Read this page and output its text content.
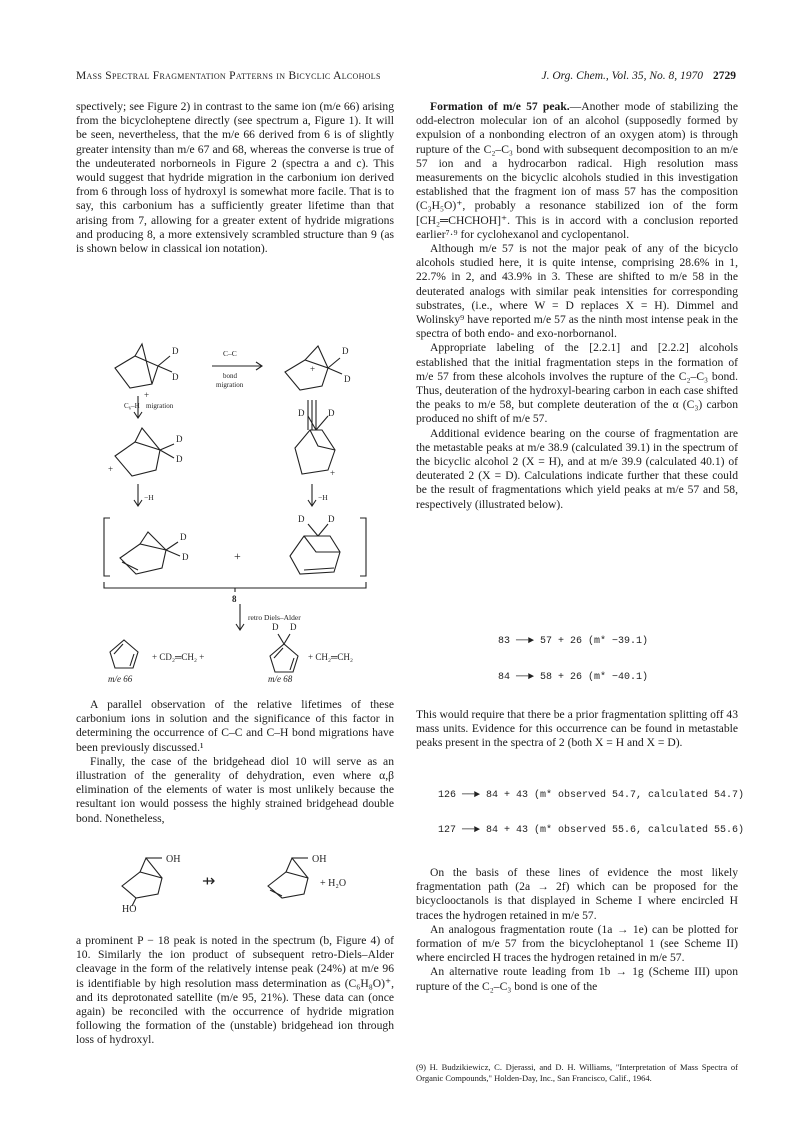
Mass Spectral Fragmentation Patterns in Bicyclic Alcohols	J. Org. Chem., Vol. 35, No. 8, 1970 2729

spectively; see Figure 2) in contrast to the same ion (m/e 66) arising from the bicycloheptene directly (see spectrum a, Figure 1). It will be seen, nevertheless, that the m/e 66 derived from 6 is of slightly greater intensity than m/e 67 and 68, whereas the converse is true of the undeuterated norborneols in Figure 2 (spectra a and c). This would suggest that hydride migration in the carbonium ion derived from 6 through loss of hydroxyl is somewhat more facile. That is to say, this carbonium has a sufficiently greater lifetime than that arising from 7, allowing for a greater extent of hydride migrations and producing 8, a more extensively scrambled structure than 9 (as is shown below in classical ion notation).

D
D
+
C–C
bond
migration
D
D
+
C₆–H migration
D
D
+
D	D
+
−H	−H
D
D	+
D	D
8
retro Diels–Alder
+ CD₂═CH₂ +	+ CH₂═CH₂
D D
m/e 66	m/e 68

A parallel observation of the relative lifetimes of these carbonium ions in solution and the significance of this factor in determining the occurrence of C–C and C–H bond migrations have been previously discussed.¹

Finally, the case of the bridgehead diol 10 will serve as an illustration of the generality of dehydration, even where α,β elimination of the elements of water is most unlikely because the resultant ion would possess the highly strained bridgehead double bond. Nonetheless,

OH
HO
⇸
OH
+ H₂O

a prominent P − 18 peak is noted in the spectrum (b, Figure 4) of 10. Similarly the ion product of subsequent retro-Diels–Alder cleavage in the form of the relatively intense peak (24%) at m/e 96 is identifiable by high resolution mass determination as (C₆H₈O)⁺, and its deprotonated satellite (m/e 95, 21%). These data can (once again) be reconciled with the occurrence of hydride migration following the formation of the (unstable) bridgehead ion through loss of hydroxyl.

Formation of m/e 57 peak.—Another mode of stabilizing the odd-electron molecular ion of an alcohol (supposedly formed by expulsion of a nonbonding electron of an oxygen atom) is through rupture of the C₂–C₃ bond with subsequent decomposition to an m/e 57 ion and a hydrocarbon radical. High resolution mass measurements on the bicyclic alcohols studied in this investigation established that the fragment ion of mass 57 has the composition (C₃H₅O)⁺, probably a resonance stabilized ion of the form [CH₂═CHCHOH]⁺. This is in accord with a conclusion reported earlier⁷·⁹ for cyclohexanol and cyclopentanol.

Although m/e 57 is not the major peak of any of the bicyclo alcohols studied here, it is quite intense, comprising 28.6% in 1, 22.7% in 2, and 43.9% in 3. These are shifted to m/e 58 in the deuterated analogs with similar peak intensities for corresponding substrates, (i.e., where W = D replaces X = H). Dimmel and Wolinsky⁹ have reported m/e 57 as the ninth most intense peak in the spectra of both endo- and exo-norbornanol.

Appropriate labeling of the [2.2.1] and [2.2.2] alcohols established that the initial fragmentation steps in the formation of m/e 57 from these alcohols involves the rupture of the C₂–C₃ bond. Thus, deuteration of the hydroxyl-bearing carbon in each case shifted the peaks to m/e 58, but complete deuteration of the α (C₃) carbon produced no shift of m/e 57.

Additional evidence bearing on the course of fragmentation are the metastable peaks at m/e 38.9 (calculated 39.1) in the spectrum of the bicyclic alcohol 2 (X = H), and at m/e 39.9 (calculated 40.1) of deuterated 2 (X = D). Calculations indicate further that these could be the result of fragmentations which yield peaks at m/e 57 and 58, respectively (illustrated below).

83 ──► 57 + 26 (m* −39.1)
84 ──► 58 + 26 (m* −40.1)

This would require that there be a prior fragmentation splitting off 43 mass units. Evidence for this occurrence can be found in metastable peaks present in the spectra of 2 (both X = H and X = D).

126 ──► 84 + 43 (m* observed 54.7, calculated 54.7)
127 ──► 84 + 43 (m* observed 55.6, calculated 55.6)

On the basis of these lines of evidence the most likely fragmentation path (2a → 2f) which can be proposed for the bicyclooctanols is that displayed in Scheme I where encircled H traces the hydrogen retained in m/e 57.

An analogous fragmentation route (1a → 1e) can be plotted for formation of m/e 57 from the bicycloheptanol 1 (see Scheme II) where encircled H traces the hydrogen retained in m/e 57.

An alternative route leading from 1b → 1g (Scheme III) upon rupture of the C₂–C₃ bond is one of the

(9) H. Budzikiewicz, C. Djerassi, and D. H. Williams, "Interpretation of Mass Spectra of Organic Compounds," Holden-Day, Inc., San Francisco, Calif., 1964.
